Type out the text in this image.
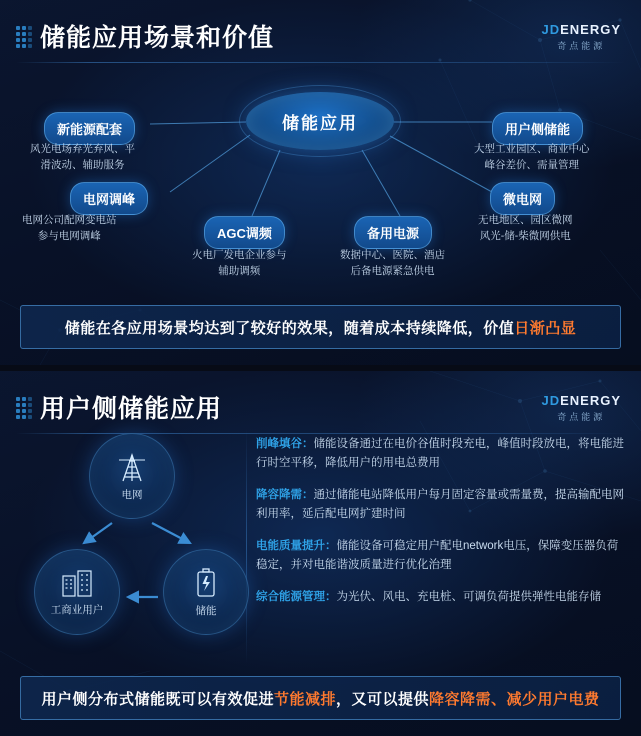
储能应用场景和价值	JDENERGY
奇点能源
储能应用
新能源配套
风光电场弃光弃风、平
滑波动、辅助服务
电网调峰
电网公司配网变电站
参与电网调峰	AGC调频
火电厂发电企业参与
辅助调频
备用电源
数据中心、医院、酒店
后备电源紧急供电
用户侧储能
大型工业园区、商业中心
峰谷差价、需量管理
微电网
无电地区、园区微网
风光-储-柴微网供电
储能在各应用场景均达到了较好的效果，随着成本持续降低，价值 日渐凸显
用户侧储能应用	JDENERGY
奇点能源
电网
工商业用户	储能
削峰填谷：储能设备通过在电价谷值时段充电，峰值时段放电，将电能进行时空平移，降低用户的用电总费用
降容降需：通过储能电站降低用户每月固定容量或需量费，提高输配电网利用率，延后配电网扩建时间
电能质量提升：储能设备可稳定用户配电network电压，保障变压器负荷稳定，并对电能谐波质量进行优化治理
综合能源管理：为光伏、风电、充电桩、可调负荷提供弹性电能存储
用户侧分布式储能既可以有效促进 节能减排 ，又可以提供 降容降需、减少用户电费
